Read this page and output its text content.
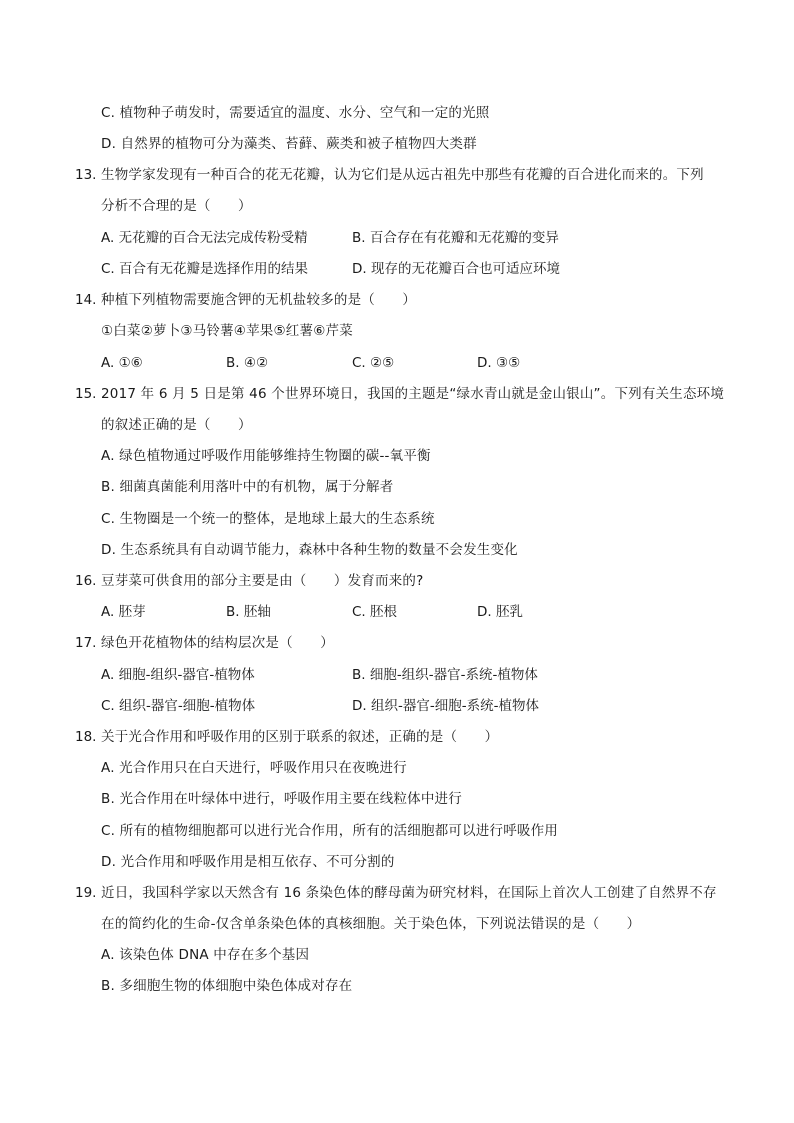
C. 植物种子萌发时，需要适宜的温度、水分、空气和一定的光照
D. 自然界的植物可分为藻类、苔藓、蕨类和被子植物四大类群
13. 生物学家发现有一种百合的花无花瓣，认为它们是从远古祖先中那些有花瓣的百合进化而来的。下列
分析不合理的是（　　）
A. 无花瓣的百合无法完成传粉受精	B. 百合存在有花瓣和无花瓣的变异
C. 百合有无花瓣是选择作用的结果	D. 现存的无花瓣百合也可适应环境
14. 种植下列植物需要施含钾的无机盐较多的是（　　）
①白菜②萝卜③马铃薯④苹果⑤红薯⑥芹菜
A. ①⑥	B. ④②	C. ②⑤	D. ③⑤
15. 2017 年 6 月 5 日是第 46 个世界环境日，我国的主题是“绿水青山就是金山银山”。下列有关生态环境
的叙述正确的是（　　）
A. 绿色植物通过呼吸作用能够维持生物圈的碳--氧平衡
B. 细菌真菌能利用落叶中的有机物，属于分解者
C. 生物圈是一个统一的整体，是地球上最大的生态系统
D. 生态系统具有自动调节能力，森林中各种生物的数量不会发生变化
16. 豆芽菜可供食用的部分主要是由（　　）发育而来的?
A. 胚芽	B. 胚轴	C. 胚根	D. 胚乳
17. 绿色开花植物体的结构层次是（　　）
A. 细胞-组织-器官-植物体	B. 细胞-组织-器官-系统-植物体
C. 组织-器官-细胞-植物体	D. 组织-器官-细胞-系统-植物体
18. 关于光合作用和呼吸作用的区别于联系的叙述，正确的是（　　）
A. 光合作用只在白天进行，呼吸作用只在夜晚进行
B. 光合作用在叶绿体中进行，呼吸作用主要在线粒体中进行
C. 所有的植物细胞都可以进行光合作用，所有的活细胞都可以进行呼吸作用
D. 光合作用和呼吸作用是相互依存、不可分割的
19. 近日，我国科学家以天然含有 16 条染色体的酵母菌为研究材料，在国际上首次人工创建了自然界不存
在的简约化的生命-仅含单条染色体的真核细胞。关于染色体，下列说法错误的是（　　）
A. 该染色体 DNA 中存在多个基因
B. 多细胞生物的体细胞中染色体成对存在
